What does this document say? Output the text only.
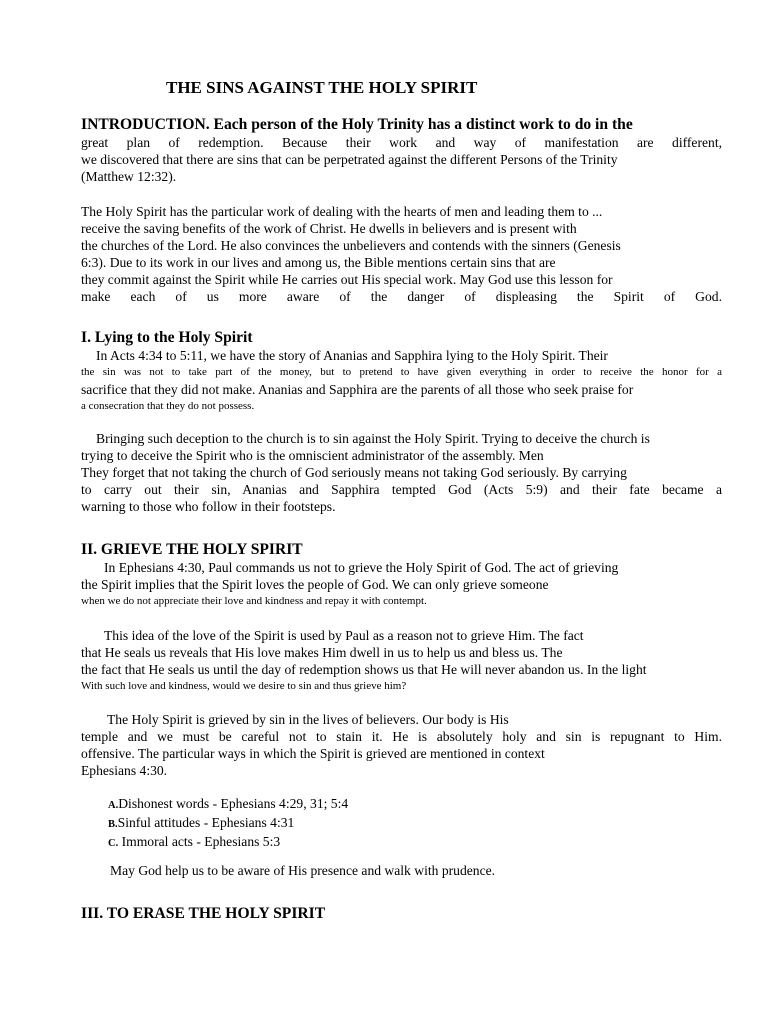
THE SINS AGAINST THE HOLY SPIRIT
INTRODUCTION. Each person of the Holy Trinity has a distinct work to do in the
great plan of redemption. Because their work and way of manifestation are different,
we discovered that there are sins that can be perpetrated against the different Persons of the Trinity
(Matthew 12:32).
The Holy Spirit has the particular work of dealing with the hearts of men and leading them to ...
receive the saving benefits of the work of Christ. He dwells in believers and is present with
the churches of the Lord. He also convinces the unbelievers and contends with the sinners (Genesis
6:3). Due to its work in our lives and among us, the Bible mentions certain sins that are
they commit against the Spirit while He carries out His special work. May God use this lesson for
make each of us more aware of the danger of displeasing the Spirit of God.
I. Lying to the Holy Spirit
In Acts 4:34 to 5:11, we have the story of Ananias and Sapphira lying to the Holy Spirit. Their
the sin was not to take part of the money, but to pretend to have given everything in order to receive the honor for a
sacrifice that they did not make. Ananias and Sapphira are the parents of all those who seek praise for
a consecration that they do not possess.
Bringing such deception to the church is to sin against the Holy Spirit. Trying to deceive the church is
trying to deceive the Spirit who is the omniscient administrator of the assembly. Men
They forget that not taking the church of God seriously means not taking God seriously. By carrying
to carry out their sin, Ananias and Sapphira tempted God (Acts 5:9) and their fate became a
warning to those who follow in their footsteps.
II. GRIEVE THE HOLY SPIRIT
In Ephesians 4:30, Paul commands us not to grieve the Holy Spirit of God. The act of grieving
the Spirit implies that the Spirit loves the people of God. We can only grieve someone
when we do not appreciate their love and kindness and repay it with contempt.
This idea of the love of the Spirit is used by Paul as a reason not to grieve Him. The fact
that He seals us reveals that His love makes Him dwell in us to help us and bless us. The
the fact that He seals us until the day of redemption shows us that He will never abandon us. In the light
With such love and kindness, would we desire to sin and thus grieve him?
The Holy Spirit is grieved by sin in the lives of believers. Our body is His
temple and we must be careful not to stain it. He is absolutely holy and sin is repugnant to Him.
offensive. The particular ways in which the Spirit is grieved are mentioned in context
Ephesians 4:30.
A.Dishonest words - Ephesians 4:29, 31; 5:4
B.Sinful attitudes - Ephesians 4:31
C. Immoral acts - Ephesians 5:3
May God help us to be aware of His presence and walk with prudence.
III. TO ERASE THE HOLY SPIRIT
